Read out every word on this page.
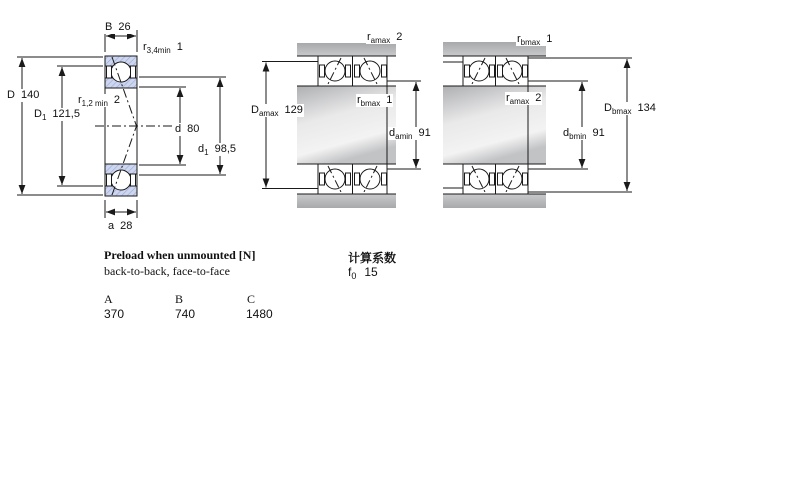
B 26
$r_{3,4min}$ 1
D 140	$r_{1,2 min}$ 2
$D_1$ 121,5
d 80
$d_1$ 98,5
a 28
$r_{amax}$ 2
$r_{bmax}$ 1
$D_{amax}$ 129
$d_{amin}$ 91
$r_{bmax}$ 1
$r_{amax}$ 2
$D_{bmax}$ 134
$d_{bmin}$ 91
Preload when unmounted [N]
back-to-back, face-to-face
计算系数
$f_0$ 15
A	B	C
370	740	1480
